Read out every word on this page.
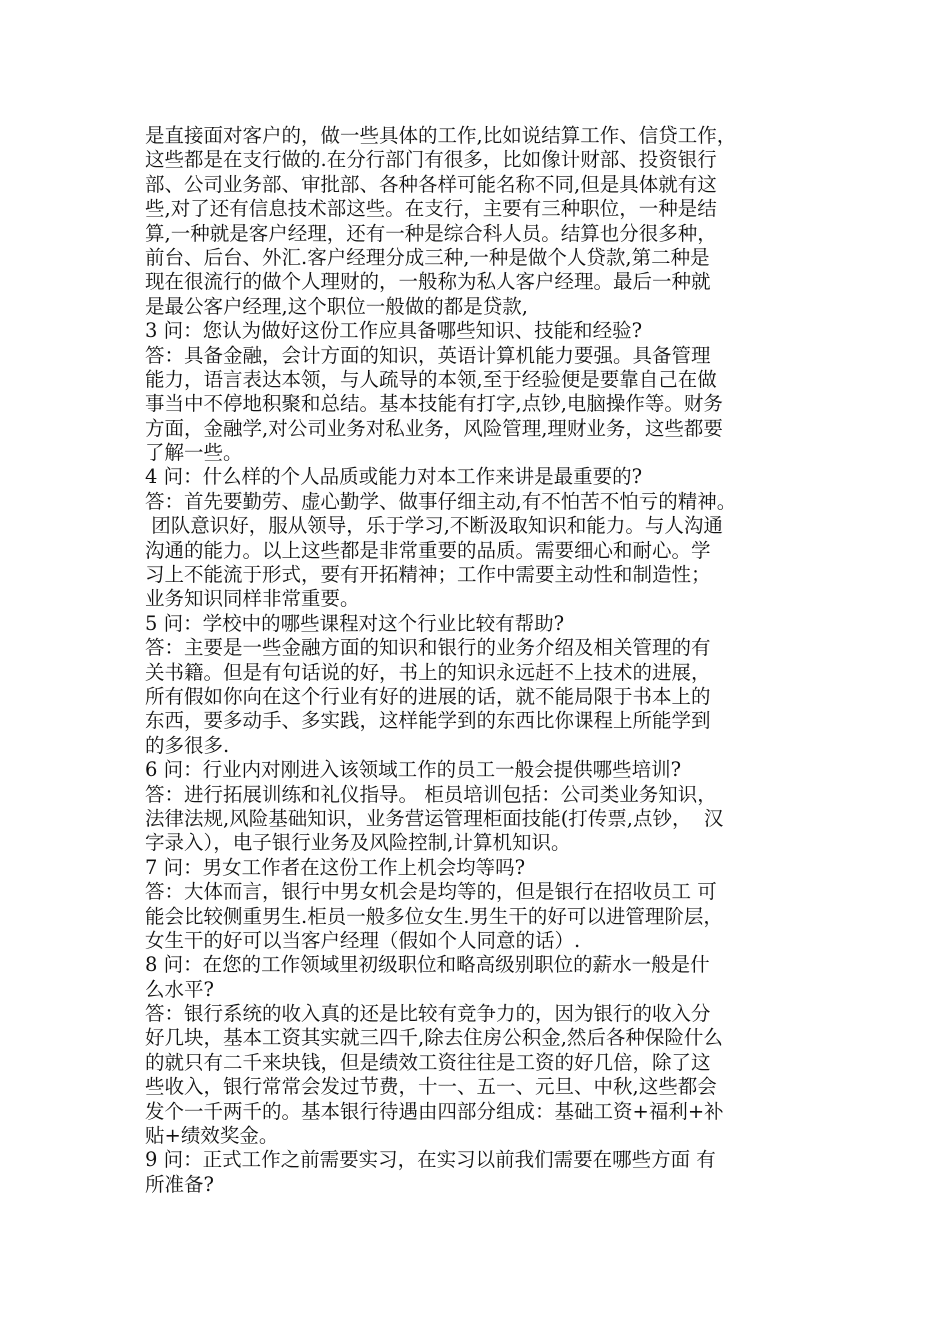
是直接面对客户的，做一些具体的工作,比如说结算工作、信贷工作，
这些都是在支行做的.在分行部门有很多，比如像计财部、投资银行
部、公司业务部、审批部、各种各样可能名称不同,但是具体就有这
些,对了还有信息技术部这些。在支行，主要有三种职位，一种是结
算,一种就是客户经理，还有一种是综合科人员。结算也分很多种，
前台、后台、外汇.客户经理分成三种,一种是做个人贷款,第二种是
现在很流行的做个人理财的，一般称为私人客户经理。最后一种就
是最公客户经理,这个职位一般做的都是贷款,
3 问：您认为做好这份工作应具备哪些知识、技能和经验?
答：具备金融，会计方面的知识，英语计算机能力要强。具备管理
能力，语言表达本领，与人疏导的本领,至于经验便是要靠自己在做
事当中不停地积聚和总结。基本技能有打字,点钞,电脑操作等。财务
方面，金融学,对公司业务对私业务，风险管理,理财业务，这些都要
了解一些。
4 问：什么样的个人品质或能力对本工作来讲是最重要的?
答：首先要勤劳、虚心勤学、做事仔细主动,有不怕苦不怕亏的精神。
团队意识好，服从领导，乐于学习,不断汲取知识和能力。与人沟通
沟通的能力。以上这些都是非常重要的品质。需要细心和耐心。学
习上不能流于形式，要有开拓精神；工作中需要主动性和制造性；
业务知识同样非常重要。
5 问：学校中的哪些课程对这个行业比较有帮助?
答：主要是一些金融方面的知识和银行的业务介绍及相关管理的有
关书籍。但是有句话说的好，书上的知识永远赶不上技术的进展，
所有假如你向在这个行业有好的进展的话，就不能局限于书本上的
东西，要多动手、多实践，这样能学到的东西比你课程上所能学到
的多很多.
6 问：行业内对刚进入该领域工作的员工一般会提供哪些培训?
答：进行拓展训练和礼仪指导。 柜员培训包括：公司类业务知识，
法律法规,风险基础知识，业务营运管理柜面技能(打传票,点钞，  汉
字录入），电子银行业务及风险控制,计算机知识。
7 问：男女工作者在这份工作上机会均等吗?
答：大体而言，银行中男女机会是均等的，但是银行在招收员工 可
能会比较侧重男生.柜员一般多位女生.男生干的好可以进管理阶层，
女生干的好可以当客户经理（假如个人同意的话）.
8 问：在您的工作领域里初级职位和略高级别职位的薪水一般是什
么水平?
答：银行系统的收入真的还是比较有竞争力的，因为银行的收入分
好几块，基本工资其实就三四千,除去住房公积金,然后各种保险什么
的就只有二千来块钱，但是绩效工资往往是工资的好几倍，除了这
些收入，银行常常会发过节费，十一、五一、元旦、中秋,这些都会
发个一千两千的。基本银行待遇由四部分组成：基础工资+福利+补
贴+绩效奖金。
9 问：正式工作之前需要实习，在实习以前我们需要在哪些方面 有
所准备?
